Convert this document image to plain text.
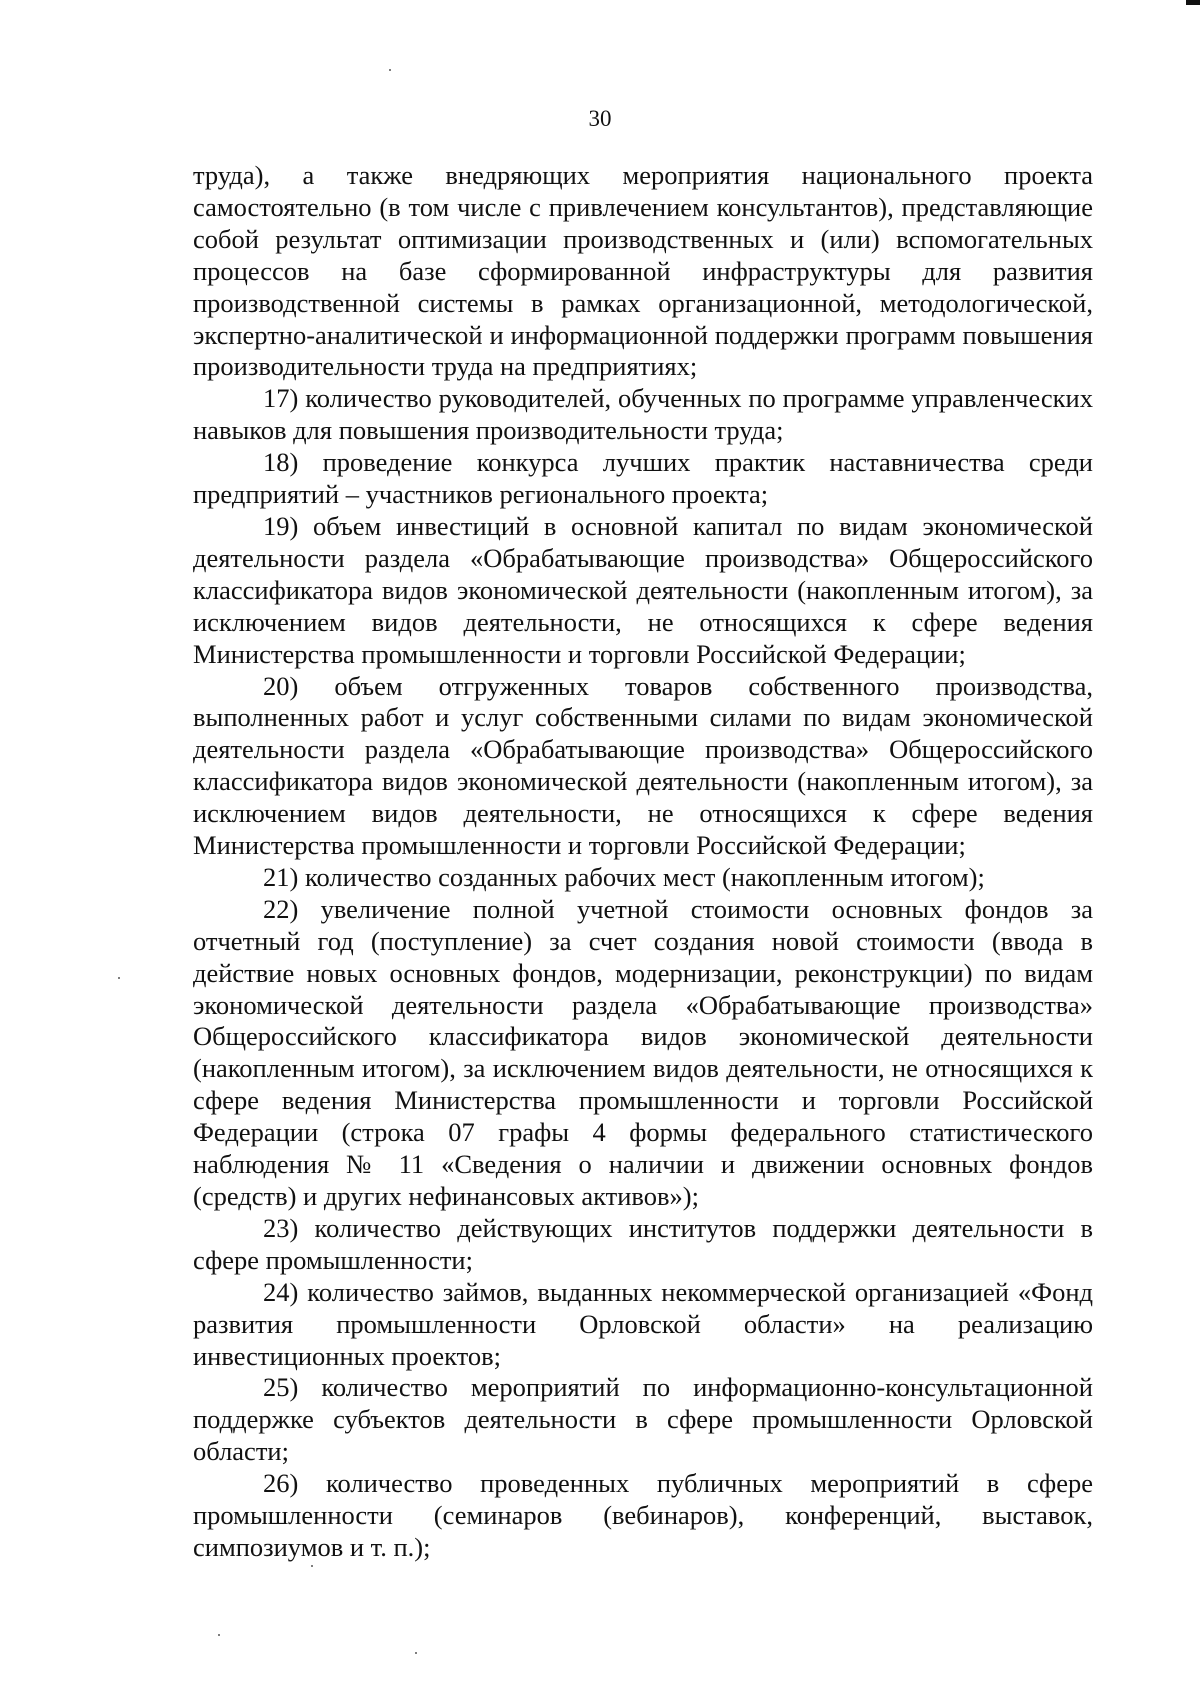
30

труда), а также внедряющих мероприятия национального проекта самостоятельно (в том числе с привлечением консультантов), представляющие собой результат оптимизации производственных и (или) вспомогательных процессов на базе сформированной инфраструктуры для развития производственной системы в рамках организационной, методологической, экспертно-аналитической и информационной поддержки программ повышения производительности труда на предприятиях;

17) количество руководителей, обученных по программе управленческих навыков для повышения производительности труда;

18) проведение конкурса лучших практик наставничества среди предприятий – участников регионального проекта;

19) объем инвестиций в основной капитал по видам экономической деятельности раздела «Обрабатывающие производства» Общероссийского классификатора видов экономической деятельности (накопленным итогом), за исключением видов деятельности, не относящихся к сфере ведения Министерства промышленности и торговли Российской Федерации;

20) объем отгруженных товаров собственного производства, выполненных работ и услуг собственными силами по видам экономической деятельности раздела «Обрабатывающие производства» Общероссийского классификатора видов экономической деятельности (накопленным итогом), за исключением видов деятельности, не относящихся к сфере ведения Министерства промышленности и торговли Российской Федерации;

21) количество созданных рабочих мест (накопленным итогом);

22) увеличение полной учетной стоимости основных фондов за отчетный год (поступление) за счет создания новой стоимости (ввода в действие новых основных фондов, модернизации, реконструкции) по видам экономической деятельности раздела «Обрабатывающие производства» Общероссийского классификатора видов экономической деятельности (накопленным итогом), за исключением видов деятельности, не относящихся к сфере ведения Министерства промышленности и торговли Российской Федерации (строка 07 графы 4 формы федерального статистического наблюдения № 11 «Сведения о наличии и движении основных фондов (средств) и других нефинансовых активов»);

23) количество действующих институтов поддержки деятельности в сфере промышленности;

24) количество займов, выданных некоммерческой организацией «Фонд развития промышленности Орловской области» на реализацию инвестиционных проектов;

25) количество мероприятий по информационно-консультационной поддержке субъектов деятельности в сфере промышленности Орловской области;

26) количество проведенных публичных мероприятий в сфере промышленности (семинаров (вебинаров), конференций, выставок, симпозиумов и т. п.);
